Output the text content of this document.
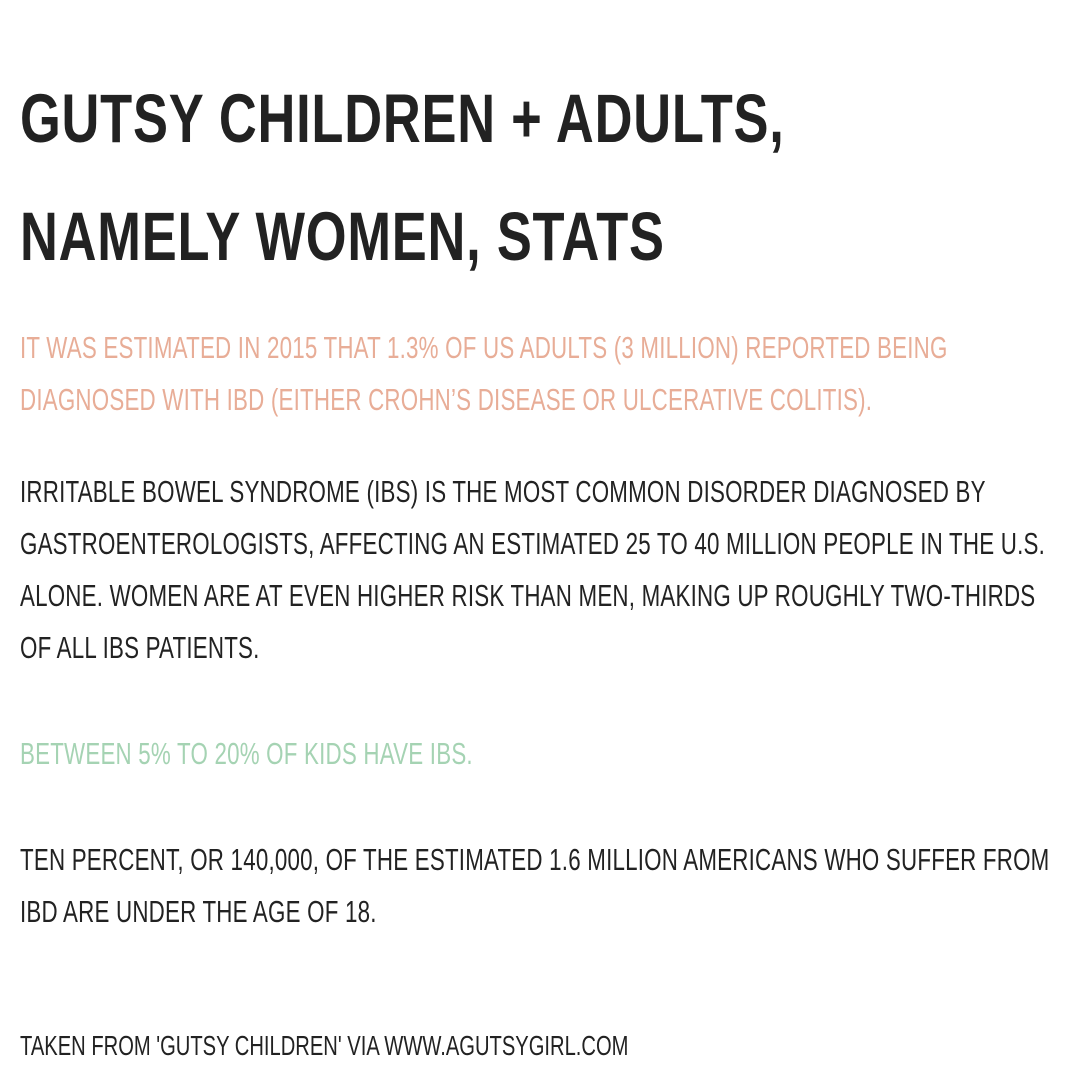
GUTSY CHILDREN + ADULTS, NAMELY WOMEN, STATS

IT WAS ESTIMATED IN 2015 THAT 1.3% OF US ADULTS (3 MILLION) REPORTED BEING DIAGNOSED WITH IBD (EITHER CROHN’S DISEASE OR ULCERATIVE COLITIS).

IRRITABLE BOWEL SYNDROME (IBS) IS THE MOST COMMON DISORDER DIAGNOSED BY GASTROENTEROLOGISTS, AFFECTING AN ESTIMATED 25 TO 40 MILLION PEOPLE IN THE U.S. ALONE. WOMEN ARE AT EVEN HIGHER RISK THAN MEN, MAKING UP ROUGHLY TWO-THIRDS OF ALL IBS PATIENTS.

BETWEEN 5% TO 20% OF KIDS HAVE IBS.

TEN PERCENT, OR 140,000, OF THE ESTIMATED 1.6 MILLION AMERICANS WHO SUFFER FROM IBD ARE UNDER THE AGE OF 18.

TAKEN FROM 'GUTSY CHILDREN' VIA WWW.AGUTSYGIRL.COM
